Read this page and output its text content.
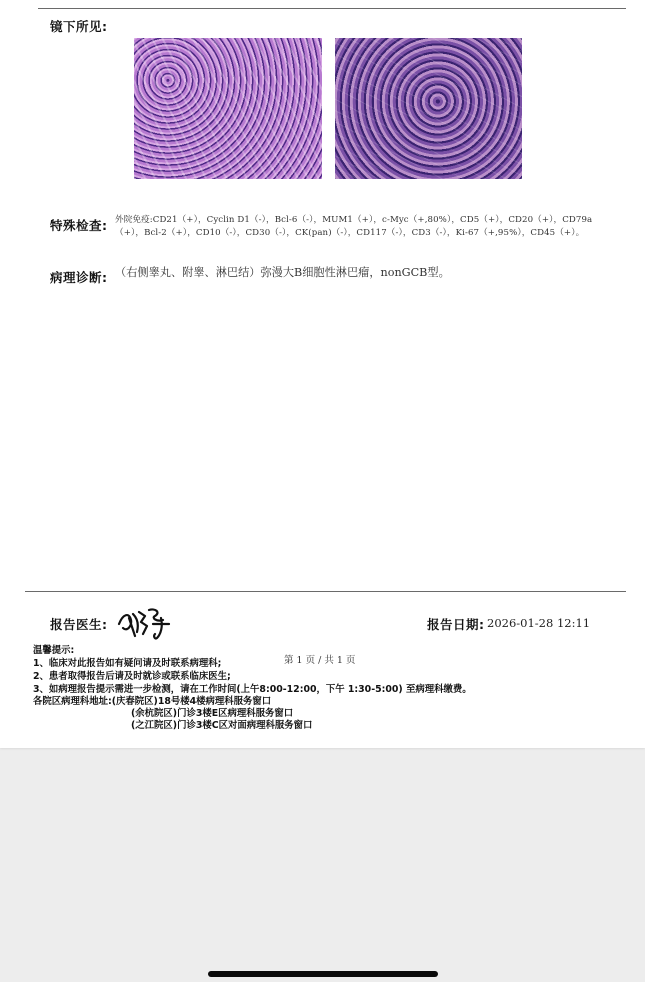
镜下所见:
特殊检查: 外院免疫:CD21（+），Cyclin D1（-），Bcl-6（-），MUM1（+），c-Myc（+,80%），CD5（+），CD20（+），CD79a（+），Bcl-2（+），CD10（-），CD30（-），CK(pan)（-），CD117（-），CD3（-），Ki-67（+,95%），CD45（+）。
病理诊断: （右侧睾丸、附睾、淋巴结）弥漫大B细胞性淋巴瘤，nonGCB型。
报告医生:	报告日期: 2026-01-28 12:11
温馨提示:
1、临床对此报告如有疑问请及时联系病理科;
2、患者取得报告后请及时就诊或联系临床医生;
3、如病理报告提示需进一步检测，请在工作时间(上午8:00-12:00，下午 1:30-5:00) 至病理科缴费。
各院区病理科地址:(庆春院区)18号楼4楼病理科服务窗口
(余杭院区)门诊3楼E区病理科服务窗口
(之江院区)门诊3楼C区对面病理科服务窗口
第 1 页 / 共 1 页
